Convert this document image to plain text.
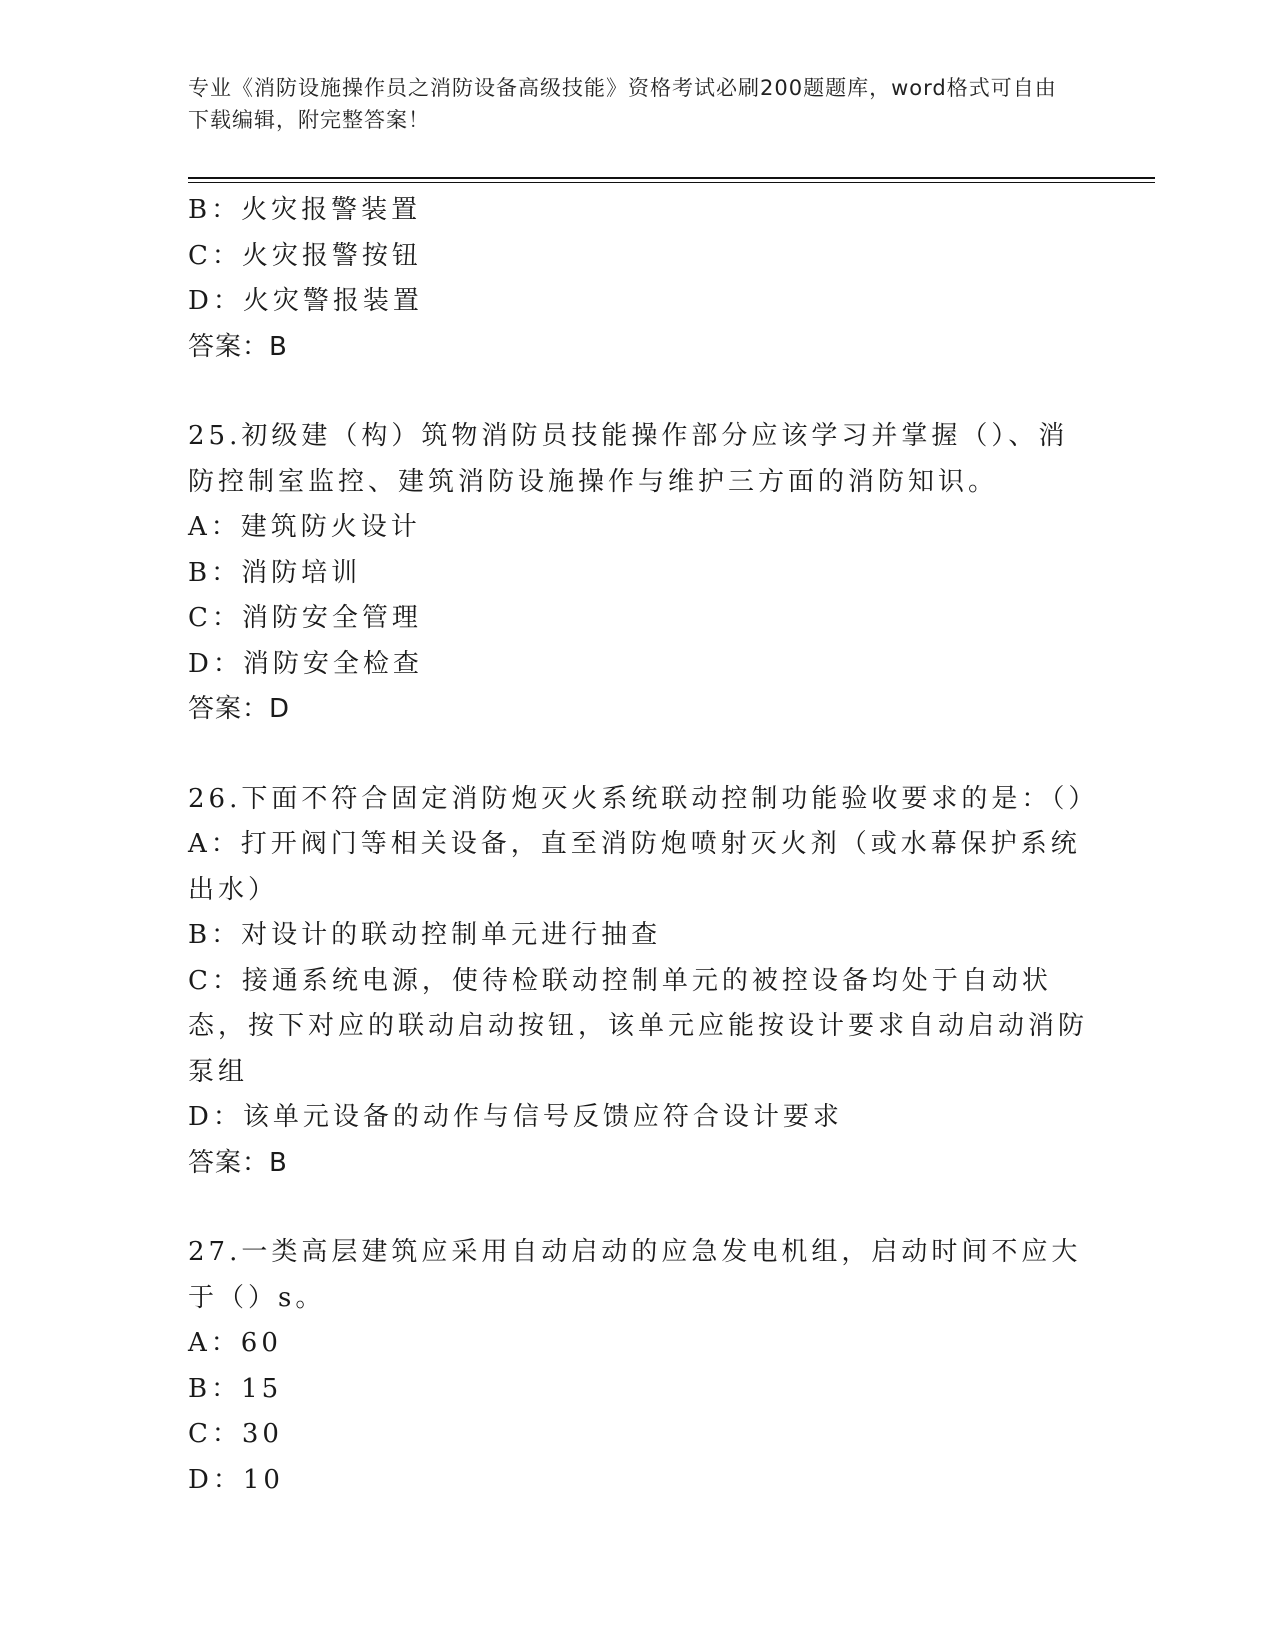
专业《消防设施操作员之消防设备高级技能》资格考试必刷200题题库，word格式可自由下载编辑，附完整答案！
B：火灾报警装置
C：火灾报警按钮
D：火灾警报装置
答案：B
25.初级建（构）筑物消防员技能操作部分应该学习并掌握（）、消防控制室监控、建筑消防设施操作与维护三方面的消防知识。
A：建筑防火设计
B：消防培训
C：消防安全管理
D：消防安全检查
答案：D
26.下面不符合固定消防炮灭火系统联动控制功能验收要求的是：（）
A：打开阀门等相关设备，直至消防炮喷射灭火剂（或水幕保护系统出水）
B：对设计的联动控制单元进行抽查
C：接通系统电源，使待检联动控制单元的被控设备均处于自动状态，按下对应的联动启动按钮，该单元应能按设计要求自动启动消防泵组
D：该单元设备的动作与信号反馈应符合设计要求
答案：B
27.一类高层建筑应采用自动启动的应急发电机组，启动时间不应大于（）s。
A：60
B：15
C：30
D：10
